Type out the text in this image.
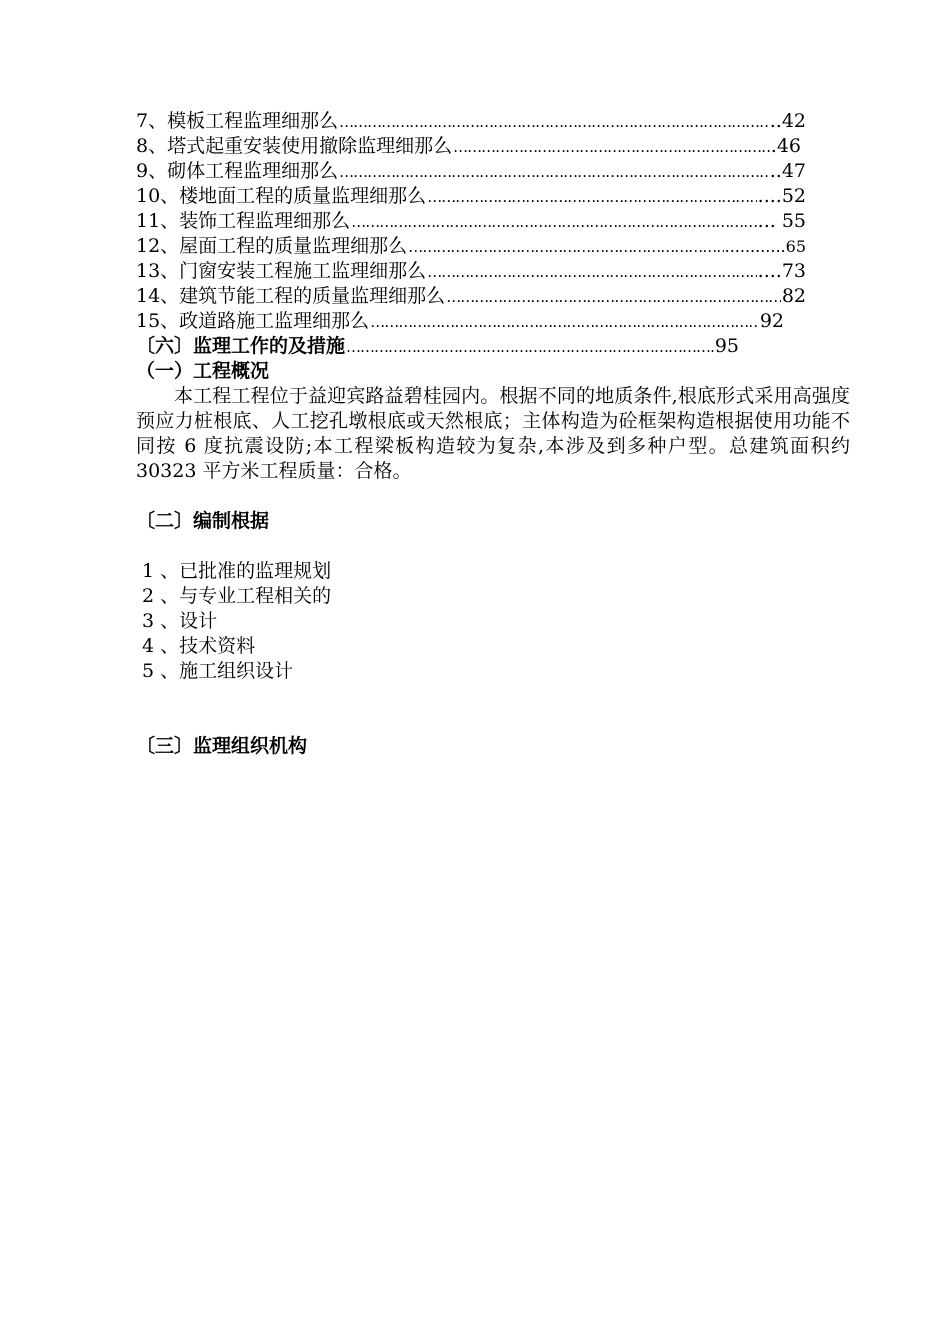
7、模板工程监理细那么 …………………………………………………………………………………………………………………………………………	..42
8、塔式起重安装使用撤除监理细那么 …………………………………………………………………………………………………………………………………………	.46
9、砌体工程监理细那么 …………………………………………………………………………………………………………………………………………	..47
10、楼地面工程的质量监理细那么 …………………………………………………………………………………………………………………………………………	....52
11、装饰工程监理细那么 …………………………………………………………………………………………………………………………………………	... 55
12、屋面工程的质量监理细那么 …………………………………………………………………………………………………………………………………………	............65
13、门窗安装工程施工监理细那么 …………………………………………………………………………………………………………………………………………	....73
14、建筑节能工程的质量监理细那么 …………………………………………………………………………………………………………………………………………	82
15、政道路施工监理细那么 …………………………………………………………………………………………………………………………………………	92
〔六〕监理工作的及措施 …………………………………………………………………………………………………………………………………………	95
（一）工程概况
本工程工程位于益迎宾路益碧桂园内。根据不同的地质条件,根底形式采用高强度预应力桩根底、人工挖孔墩根底或天然根底；主体构造为砼框架构造根据使用功能不同按 6 度抗震设防;本工程梁板构造较为复杂,本涉及到多种户型。总建筑面积约 30323 平方米工程质量：合格。
〔二〕编制根据
1 、已批准的监理规划
2 、与专业工程相关的
3 、设计
4 、技术资料
5 、施工组织设计
〔三〕监理组织机构
